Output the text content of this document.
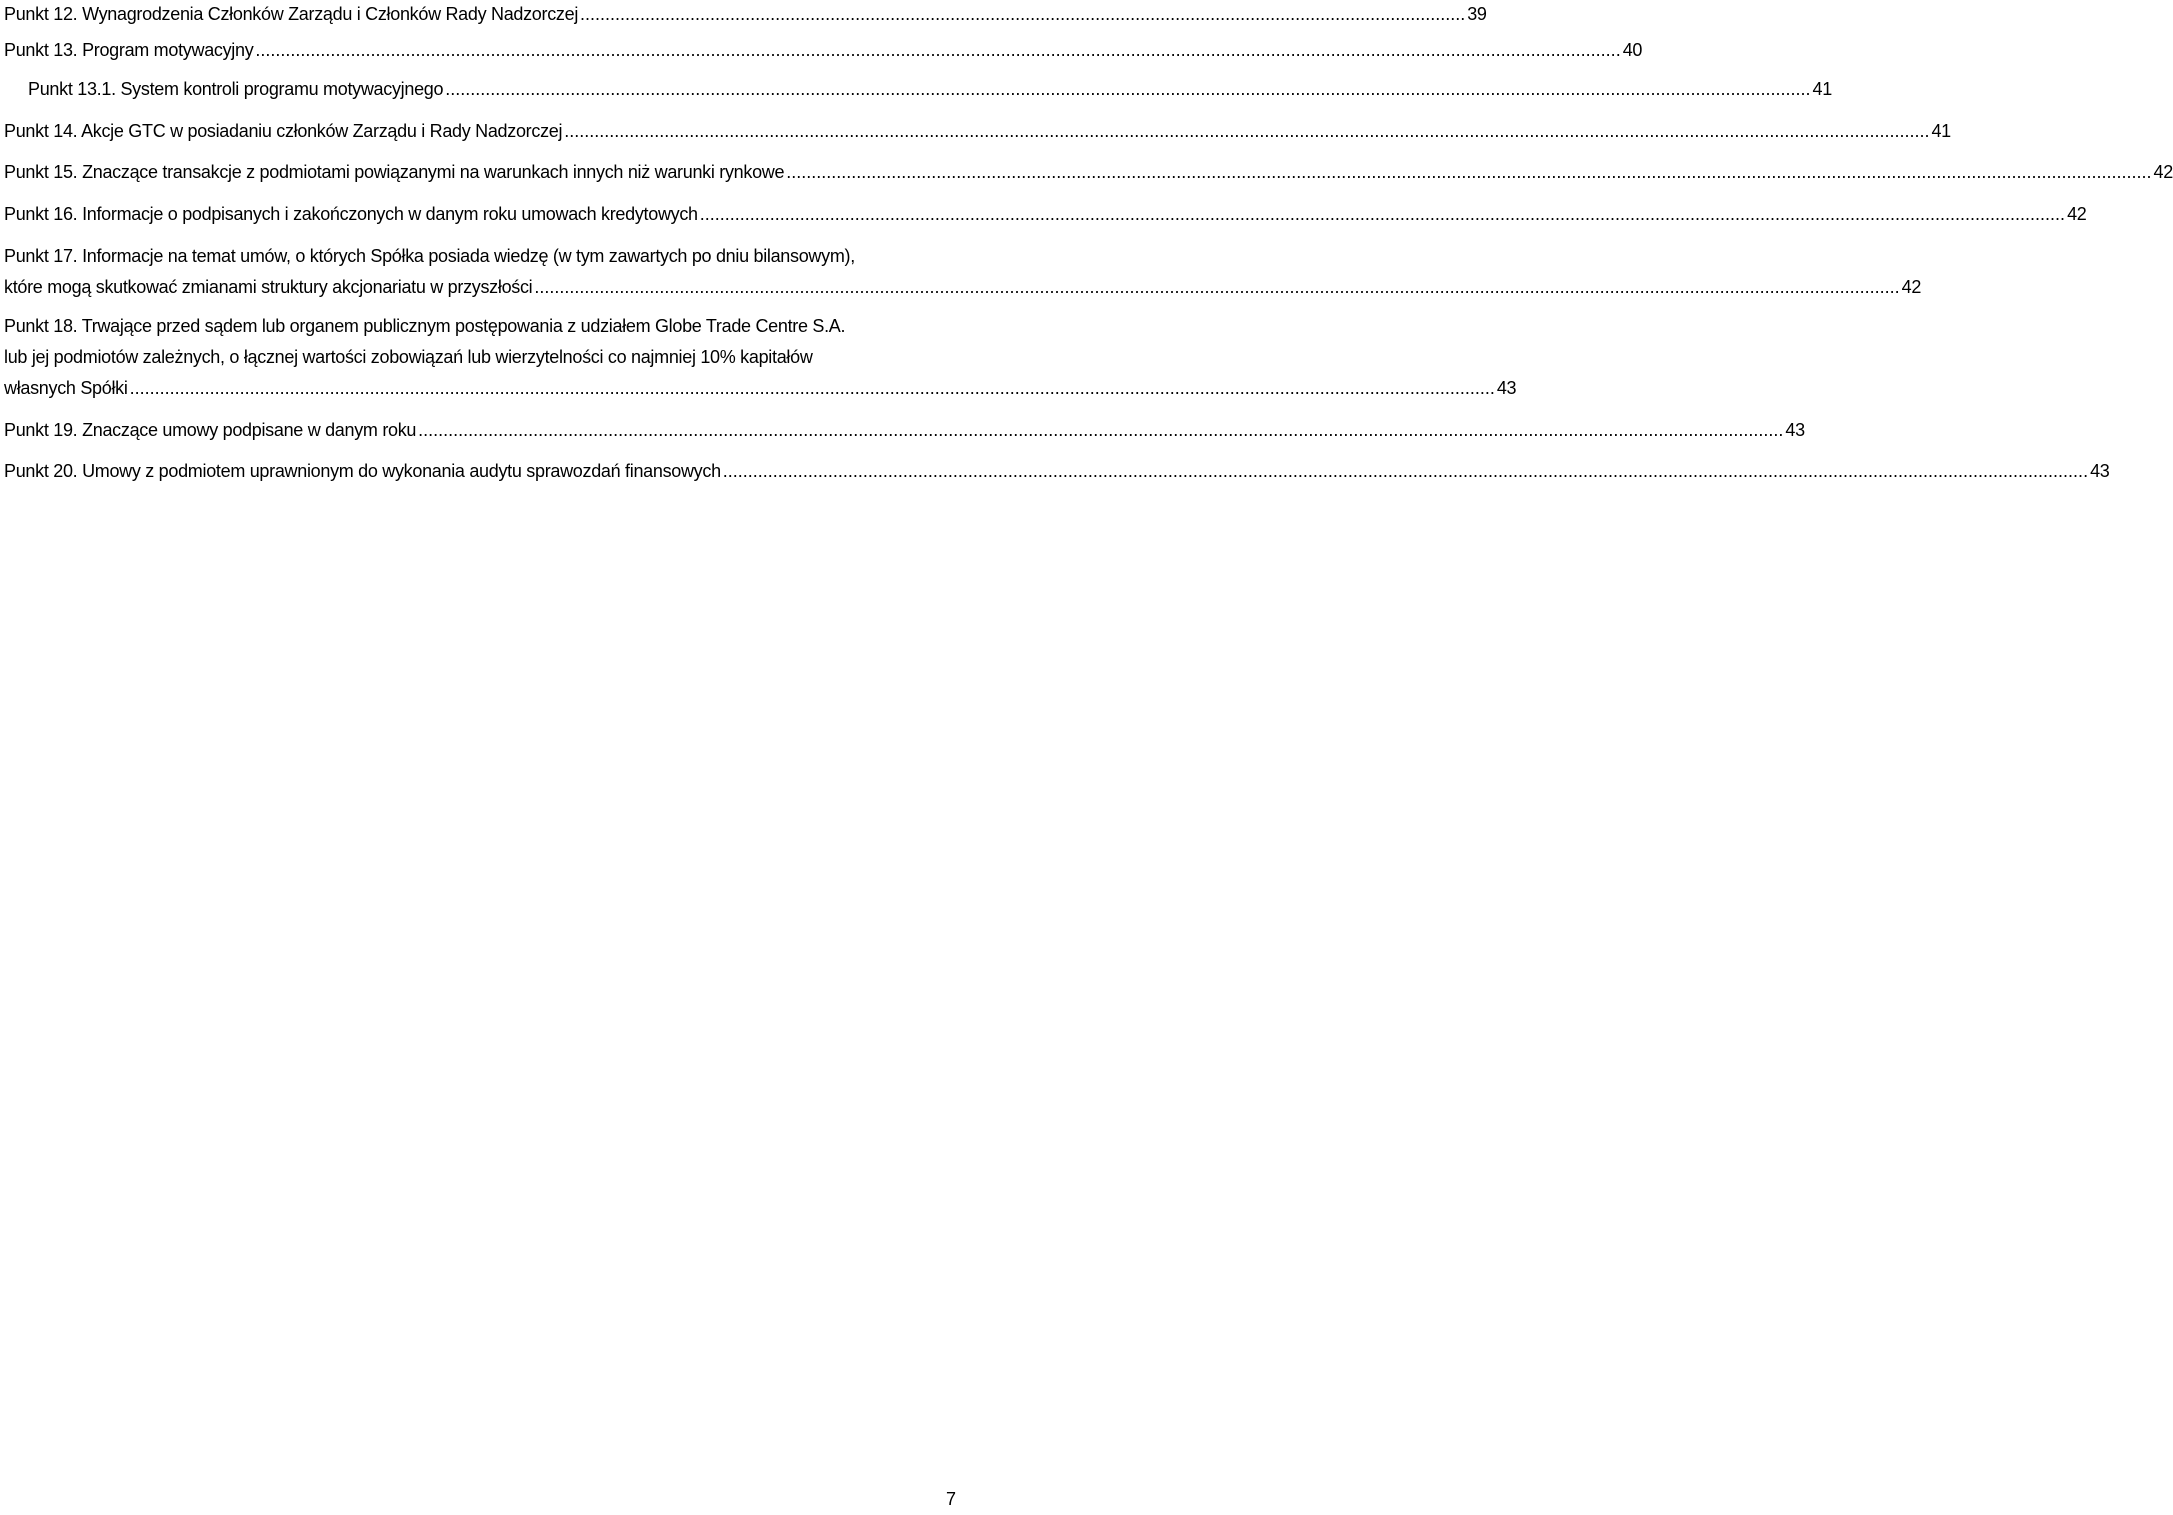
Punkt 12. Wynagrodzenia Członków Zarządu i Członków Rady Nadzorczej ................................................................................................................................................................................. 39
Punkt 13. Program motywacyjny ................................................................................................................................................................................................................................................................................. 40
Punkt 13.1. System kontroli programu motywacyjnego ................................................................................................................................................................................................................................................................................. 41
Punkt 14. Akcje GTC w posiadaniu członków Zarządu i Rady Nadzorczej ................................................................................................................................................................................................................................................................................. 41
Punkt 15. Znaczące transakcje z podmiotami powiązanymi na warunkach innych niż warunki rynkowe ................................................................................................................................................................................................................................................................................. 42
Punkt 16. Informacje o podpisanych i zakończonych w danym roku umowach kredytowych ................................................................................................................................................................................................................................................................................. 42
Punkt 17. Informacje na temat umów, o których Spółka posiada wiedzę (w tym zawartych po dniu bilansowym),
które mogą skutkować zmianami struktury akcjonariatu w przyszłości ................................................................................................................................................................................................................................................................................. 42
Punkt 18. Trwające przed sądem lub organem publicznym postępowania z udziałem Globe Trade Centre S.A.
lub jej podmiotów zależnych, o łącznej wartości zobowiązań lub wierzytelności co najmniej 10% kapitałów
własnych Spółki ................................................................................................................................................................................................................................................................................. 43
Punkt 19. Znaczące umowy podpisane w danym roku ................................................................................................................................................................................................................................................................................. 43
Punkt 20. Umowy z podmiotem uprawnionym do wykonania audytu sprawozdań finansowych ................................................................................................................................................................................................................................................................................. 43
7
